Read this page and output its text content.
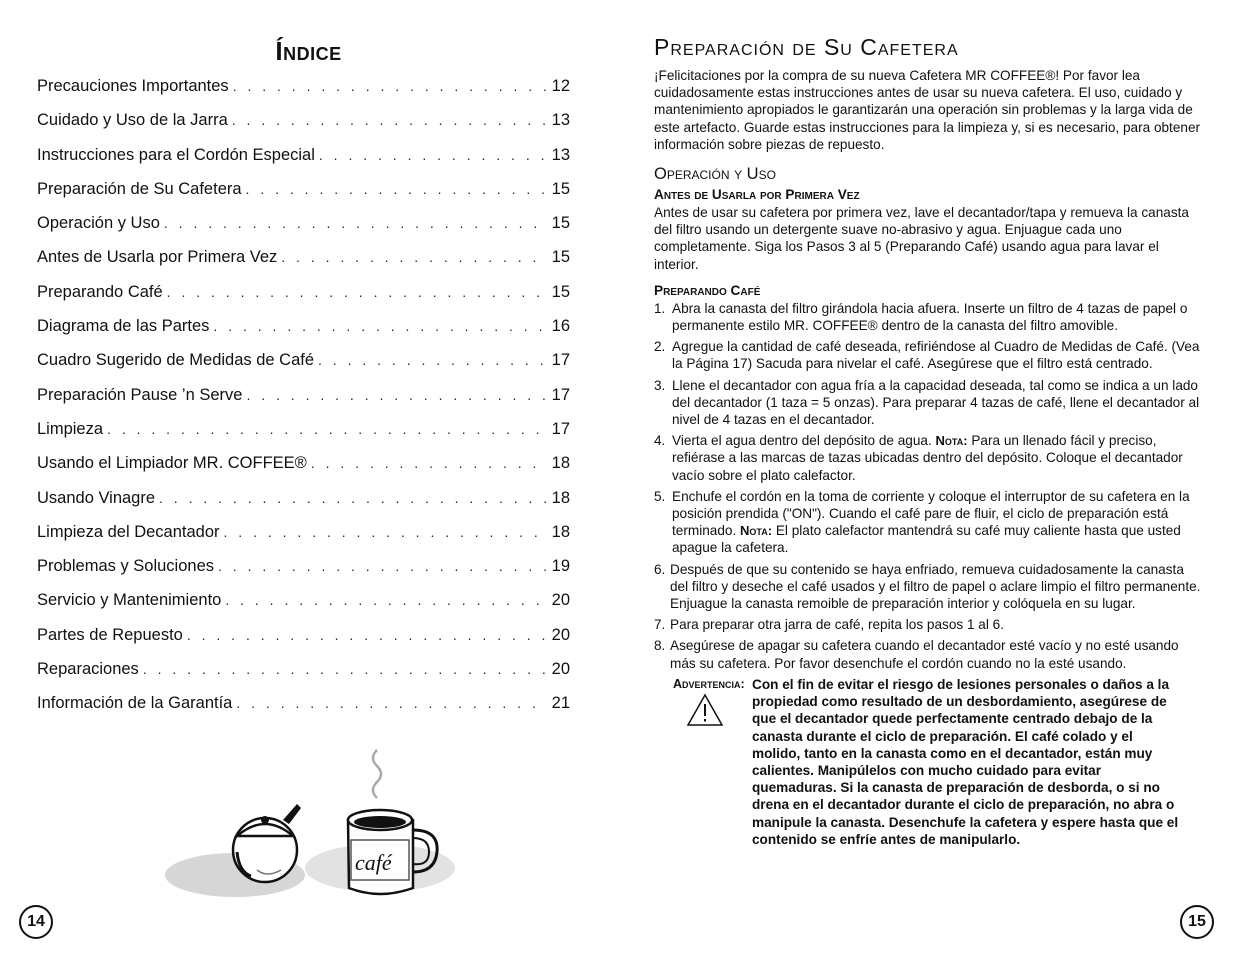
Índice
Precauciones Importantes . . .	12
Cuidado y Uso de la Jarra . . .	13
Instrucciones para el Cordón Especial . . .	13
Preparación de Su Cafetera . . .	15
Operación y Uso . . .	15
Antes de Usarla por Primera Vez . . .	15
Preparando Café . . .	15
Diagrama de las Partes . . .	16
Cuadro Sugerido de Medidas de Café . . .	17
Preparación Pause ’n Serve . . .	17
Limpieza . . .	17
Usando el Limpiador MR. COFFEE® . . .	18
Usando Vinagre . . .	18
Limpieza del Decantador . . .	18
Problemas y Soluciones . . .	19
Servicio y Mantenimiento . . .	20
Partes de Repuesto . . .	20
Reparaciones . . .	20
Información de la Garantía . . .	21
café
14
Preparación de Su Cafetera

¡Felicitaciones por la compra de su nueva Cafetera MR COFFEE®! Por favor lea cuidadosamente estas instrucciones antes de usar su nueva cafetera. El uso, cuidado y mantenimiento apropiados le garantizarán una operación sin problemas y la larga vida de este artefacto. Guarde estas instrucciones para la limpieza y, si es necesario, para obtener información sobre piezas de repuesto.

Operación y Uso
Antes de Usarla por Primera Vez

Antes de usar su cafetera por primera vez, lave el decantador/tapa y remueva la canasta del filtro usando un detergente suave no-abrasivo y agua. Enjuague cada uno completamente. Siga los Pasos 3 al 5 (Preparando Café) usando agua para lavar el interior.

Preparando Café
1. Abra la canasta del filtro girándola hacia afuera. Inserte un filtro de 4 tazas de papel o permanente estilo MR. COFFEE® dentro de la canasta del filtro amovible.
2. Agregue la cantidad de café deseada, refiriéndose al Cuadro de Medidas de Café. (Vea la Página 17) Sacuda para nivelar el café. Asegúrese que el filtro está centrado.
3. Llene el decantador con agua fría a la capacidad deseada, tal como se indica a un lado del decantador (1 taza = 5 onzas). Para preparar 4 tazas de café, llene el decantador al nivel de 4 tazas en el decantador.
4. Vierta el agua dentro del depósito de agua. Nota: Para un llenado fácil y preciso, refiérase a las marcas de tazas ubicadas dentro del depósito. Coloque el decantador vacío sobre el plato calefactor.
5. Enchufe el cordón en la toma de corriente y coloque el interruptor de su cafetera en la posición prendida ("ON"). Cuando el café pare de fluir, el ciclo de preparación está terminado. Nota: El plato calefactor mantendrá su café muy caliente hasta que usted apague la cafetera.
6. Después de que su contenido se haya enfriado, remueva cuidadosamente la canasta del filtro y deseche el café usados y el filtro de papel o aclare limpio el filtro permanente. Enjuague la canasta remoible de preparación interior y colóquela en su lugar.
7. Para preparar otra jarra de café, repita los pasos 1 al 6.
8. Asegúrese de apagar su cafetera cuando el decantador esté vacío y no esté usando más su cafetera. Por favor desenchufe el cordón cuando no la esté usando.
Advertencia: Con el fin de evitar el riesgo de lesiones personales o daños a la propiedad como resultado de un desbordamiento, asegúrese de que el decantador quede perfectamente centrado debajo de la canasta durante el ciclo de preparación. El café colado y el molido, tanto en la canasta como en el decantador, están muy calientes. Manipúlelos con mucho cuidado para evitar quemaduras. Si la canasta de preparación de desborda, o si no drena en el decantador durante el ciclo de preparación, no abra o manipule la canasta. Desenchufe la cafetera y espere hasta que el contenido se enfríe antes de manipularlo.
15
